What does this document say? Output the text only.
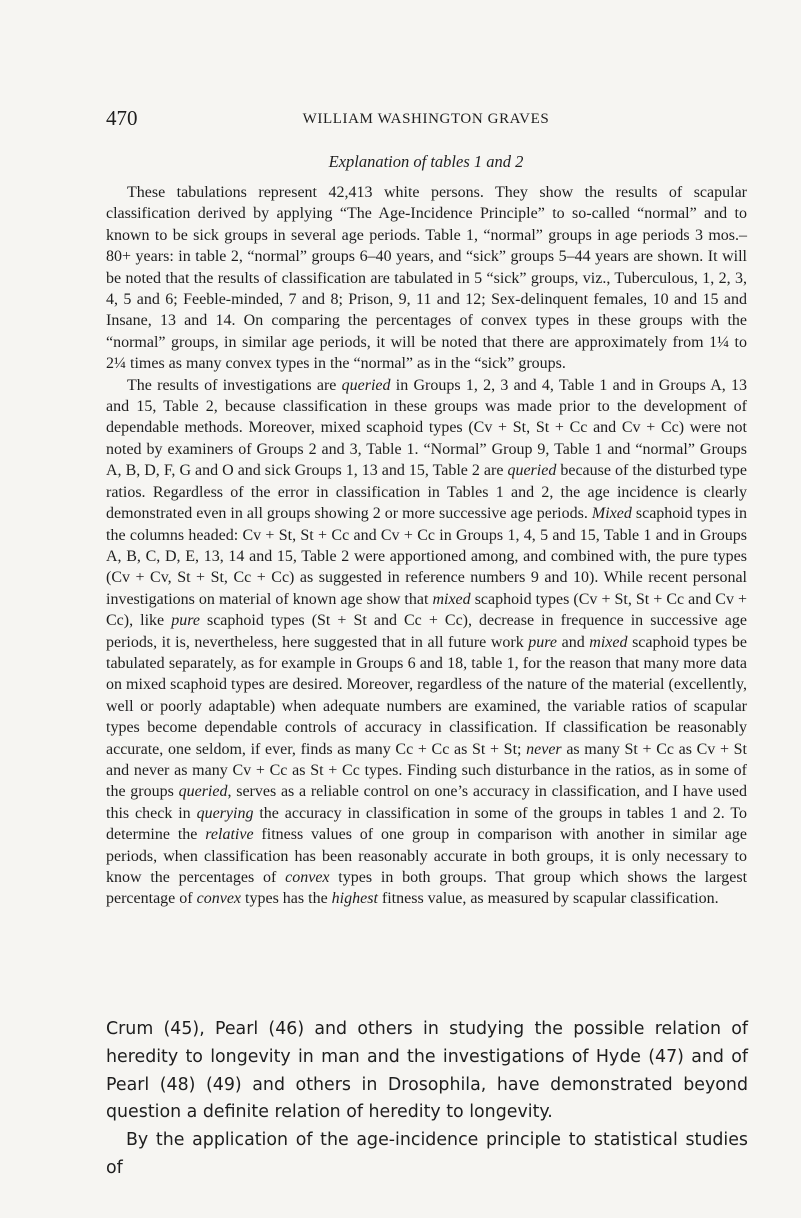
470	WILLIAM WASHINGTON GRAVES
Explanation of tables 1 and 2

These tabulations represent 42,413 white persons. They show the results of scapular classification derived by applying “The Age-Incidence Principle” to so-called “normal” and to known to be sick groups in several age periods. Table 1, “normal” groups in age periods 3 mos.–80+ years: in table 2, “normal” groups 6–40 years, and “sick” groups 5–44 years are shown. It will be noted that the results of classification are tabulated in 5 “sick” groups, viz., Tuberculous, 1, 2, 3, 4, 5 and 6; Feeble-minded, 7 and 8; Prison, 9, 11 and 12; Sex-delinquent females, 10 and 15 and Insane, 13 and 14. On comparing the percentages of convex types in these groups with the “normal” groups, in similar age periods, it will be noted that there are approximately from 1¼ to 2¼ times as many convex types in the “normal” as in the “sick” groups.

The results of investigations are queried in Groups 1, 2, 3 and 4, Table 1 and in Groups A, 13 and 15, Table 2, because classification in these groups was made prior to the development of dependable methods. Moreover, mixed scaphoid types (Cv + St, St + Cc and Cv + Cc) were not noted by examiners of Groups 2 and 3, Table 1. “Normal” Group 9, Table 1 and “normal” Groups A, B, D, F, G and O and sick Groups 1, 13 and 15, Table 2 are queried because of the disturbed type ratios. Regardless of the error in classification in Tables 1 and 2, the age incidence is clearly demonstrated even in all groups showing 2 or more successive age periods. Mixed scaphoid types in the columns headed: Cv + St, St + Cc and Cv + Cc in Groups 1, 4, 5 and 15, Table 1 and in Groups A, B, C, D, E, 13, 14 and 15, Table 2 were apportioned among, and combined with, the pure types (Cv + Cv, St + St, Cc + Cc) as suggested in reference numbers 9 and 10). While recent personal investigations on material of known age show that mixed scaphoid types (Cv + St, St + Cc and Cv + Cc), like pure scaphoid types (St + St and Cc + Cc), decrease in frequence in successive age periods, it is, nevertheless, here suggested that in all future work pure and mixed scaphoid types be tabulated separately, as for example in Groups 6 and 18, table 1, for the reason that many more data on mixed scaphoid types are desired. Moreover, regardless of the nature of the material (excellently, well or poorly adaptable) when adequate numbers are examined, the variable ratios of scapular types become dependable controls of accuracy in classification. If classification be reasonably accurate, one seldom, if ever, finds as many Cc + Cc as St + St; never as many St + Cc as Cv + St and never as many Cv + Cc as St + Cc types. Finding such disturbance in the ratios, as in some of the groups queried, serves as a reliable control on one’s accuracy in classification, and I have used this check in querying the accuracy in classification in some of the groups in tables 1 and 2. To determine the relative fitness values of one group in comparison with another in similar age periods, when classification has been reasonably accurate in both groups, it is only necessary to know the percentages of convex types in both groups. That group which shows the largest percentage of convex types has the highest fitness value, as measured by scapular classification.

Crum (45), Pearl (46) and others in studying the possible relation of heredity to longevity in man and the investigations of Hyde (47) and of Pearl (48) (49) and others in Drosophila, have demonstrated beyond question a definite relation of heredity to longevity.

By the application of the age-incidence principle to statistical studies of
